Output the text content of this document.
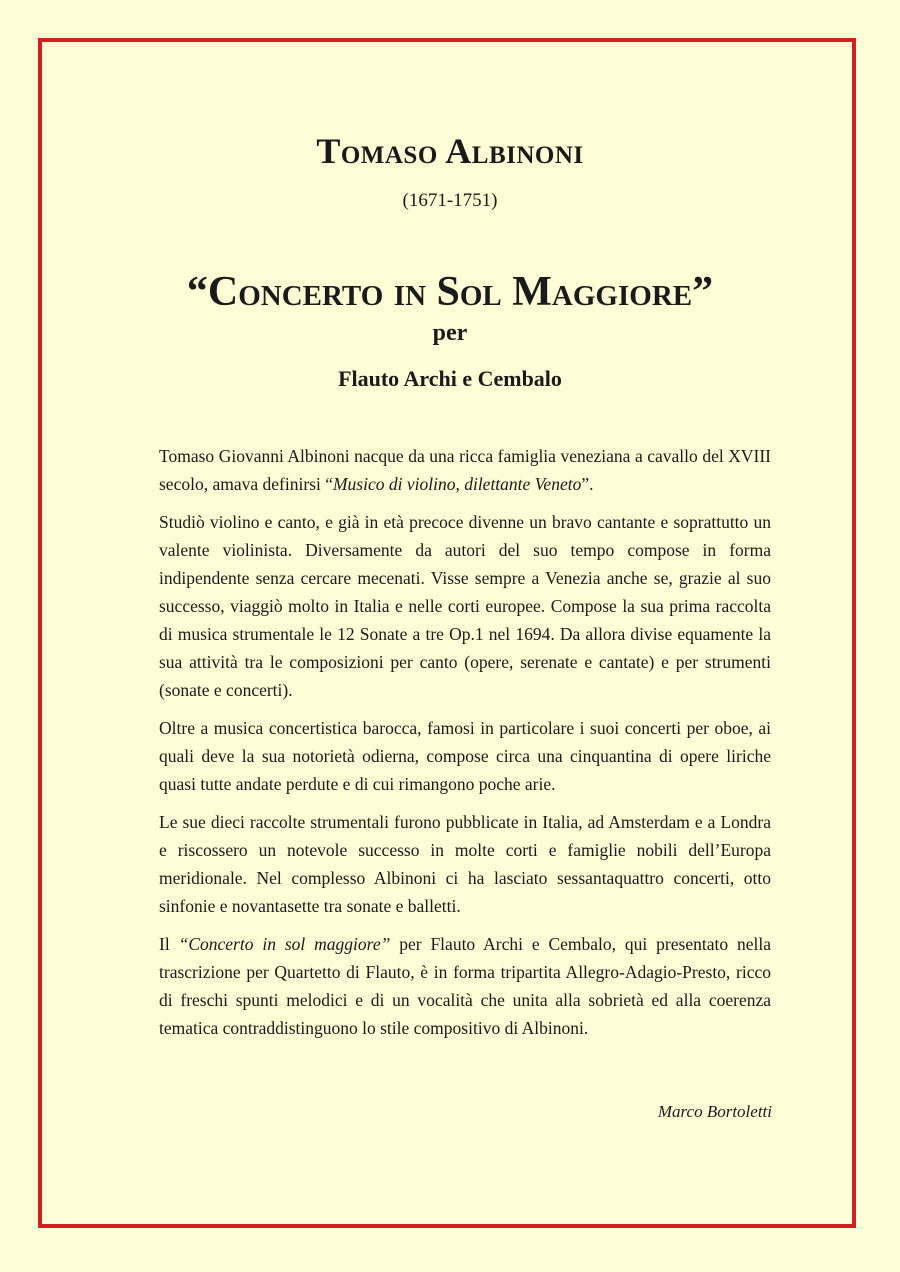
Tomaso Albinoni
(1671-1751)
“Concerto in Sol Maggiore”
per
Flauto Archi e Cembalo

Tomaso Giovanni Albinoni nacque da una ricca famiglia veneziana a cavallo del XVIII secolo, amava definirsi “Musico di violino, dilettante Veneto”.

Studiò violino e canto, e già in età precoce divenne un bravo cantante e soprattutto un valente violinista. Diversamente da autori del suo tempo compose in forma indipendente senza cercare mecenati. Visse sempre a Venezia anche se, grazie al suo successo, viaggiò molto in Italia e nelle corti europee. Compose la sua prima raccolta di musica strumentale le 12 Sonate a tre Op.1 nel 1694. Da allora divise equamente la sua attività tra le composizioni per canto (opere, serenate e cantate) e per strumenti (sonate e concerti).

Oltre a musica concertistica barocca, famosi in particolare i suoi concerti per oboe, ai quali deve la sua notorietà odierna, compose circa una cinquantina di opere liriche quasi tutte andate perdute e di cui rimangono poche arie.

Le sue dieci raccolte strumentali furono pubblicate in Italia, ad Amsterdam e a Londra e riscossero un notevole successo in molte corti e famiglie nobili dell’Europa meridionale. Nel complesso Albinoni ci ha lasciato sessantaquattro concerti, otto sinfonie e novantasette tra sonate e balletti.

Il “Concerto in sol maggiore” per Flauto Archi e Cembalo, qui presentato nella trascrizione per Quartetto di Flauto, è in forma tripartita Allegro-Adagio-Presto, ricco di freschi spunti melodici e di un vocalità che unita alla sobrietà ed alla coerenza tematica contraddistinguono lo stile compositivo di Albinoni.

Marco Bortoletti
